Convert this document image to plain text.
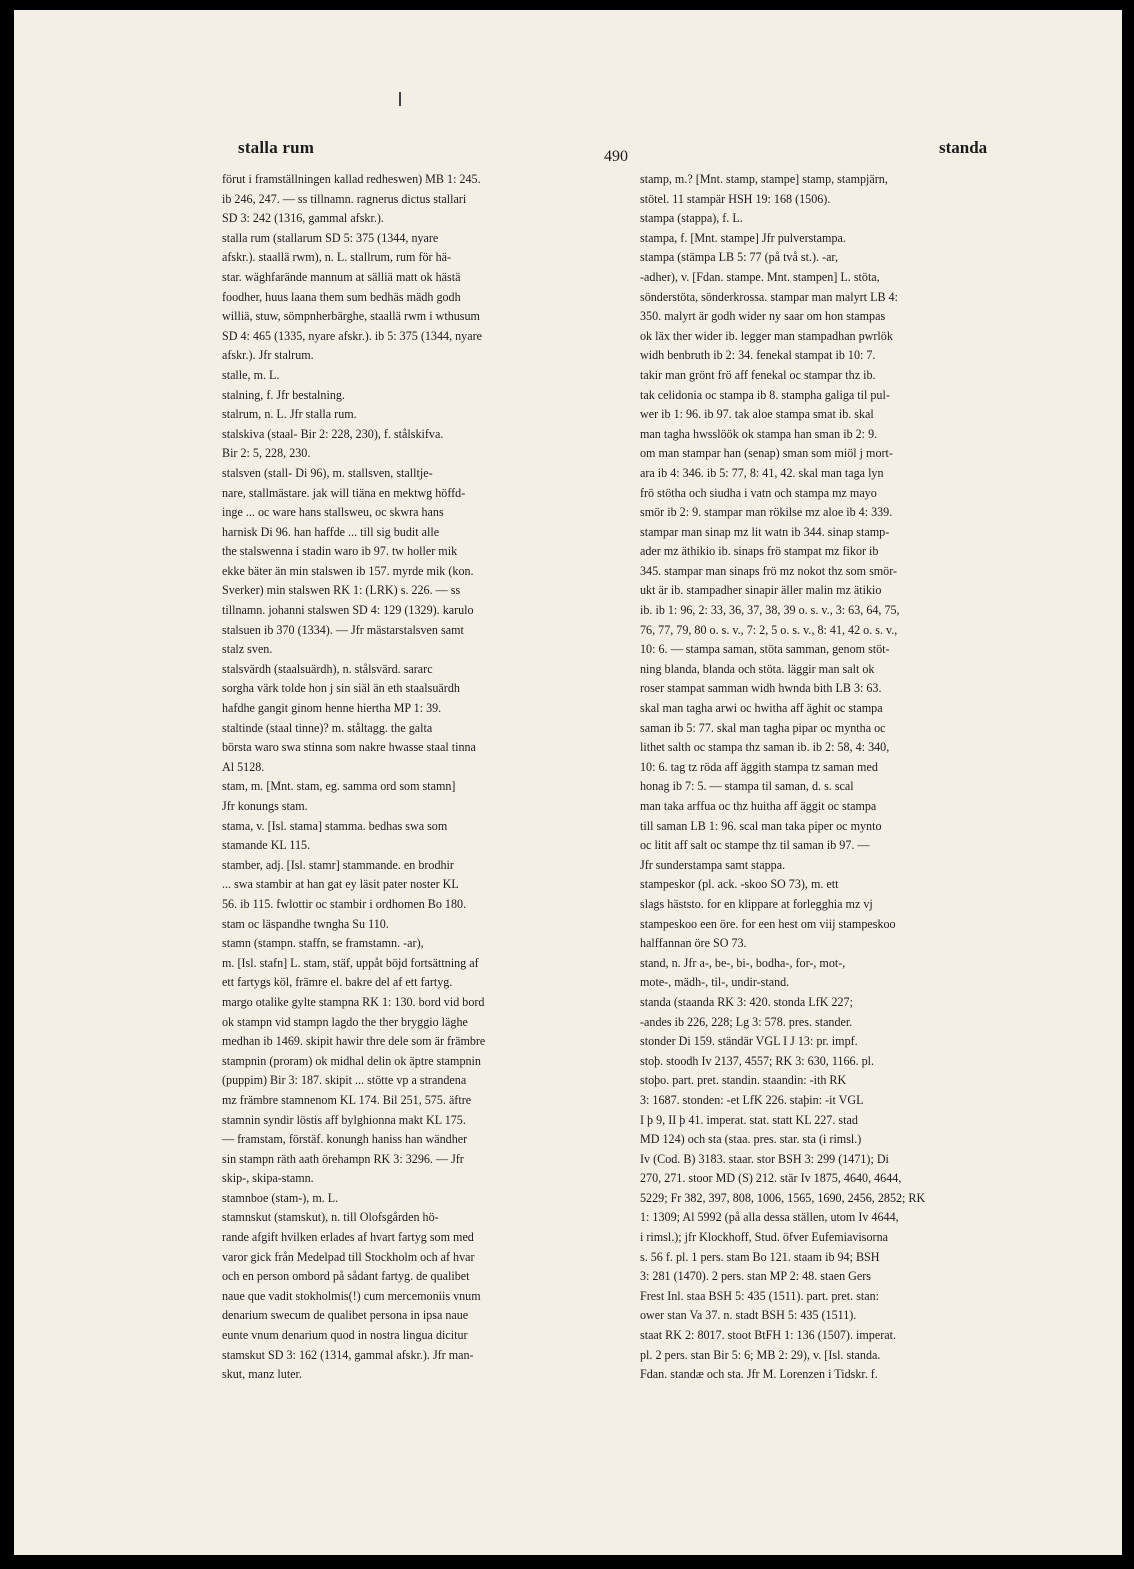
stalla rum	490	standa
förut i framställningen kallad redheswen) MB 1: 245.
ib 246, 247. — ss tillnamn. ragnerus dictus stallari
SD 3: 242 (1316, gammal afskr.).
stalla rum (stallarum SD 5: 375 (1344, nyare
afskr.). staallä rwm), n. L. stallrum, rum för hä-
star. wäghfarände mannum at sälliä matt ok hästä
foodher, huus laana them sum bedhäs mädh godh
williä, stuw, sömpnherbärghe, staallä rwm i wthusum
SD 4: 465 (1335, nyare afskr.). ib 5: 375 (1344, nyare
afskr.). Jfr stalrum.
stalle, m. L.
stalning, f. Jfr bestalning.
stalrum, n. L. Jfr stalla rum.
stalskiva (staal- Bir 2: 228, 230), f. stålskifva.
Bir 2: 5, 228, 230.
stalsven (stall- Di 96), m. stallsven, stalltje-
nare, stallmästare. jak will tiäna en mektwg höffd-
inge ... oc ware hans stallsweu, oc skwra hans
harnisk Di 96. han haffde ... till sig budit alle
the stalswenna i stadin waro ib 97. tw holler mik
ekke bäter än min stalswen ib 157. myrde mik (kon.
Sverker) min stalswen RK 1: (LRK) s. 226. — ss
tillnamn. johanni stalswen SD 4: 129 (1329). karulo
stalsuen ib 370 (1334). — Jfr mästarstalsven samt
stalz sven.
stalsvärdh (staalsuärdh), n. stålsvärd. sararc
sorgha värk tolde hon j sin siäl än eth staalsuärdh
hafdhe gangit ginom henne hiertha MP 1: 39.
staltinde (staal tinne)? m. ståltagg. the galta
börsta waro swa stinna som nakre hwasse staal tinna
Al 5128.
stam, m. [Mnt. stam, eg. samma ord som stamn]
Jfr konungs stam.
stama, v. [Isl. stama] stamma. bedhas swa som
stamande KL 115.
stamber, adj. [Isl. stamr] stammande. en brodhir
... swa stambir at han gat ey läsit pater noster KL
56. ib 115. fwlottir oc stambir i ordhomen Bo 180.
stam oc läspandhe twngha Su 110.
stamn (stampn. staffn, se framstamn. -ar),
m. [Isl. stafn] L. stam, stäf, uppåt böjd fortsättning af
ett fartygs köl, främre el. bakre del af ett fartyg.
margo otalike gylte stampna RK 1: 130. bord vid bord
ok stampn vid stampn lagdo the ther bryggio läghe
medhan ib 1469. skipit hawir thre dele som är främbre
stampnin (proram) ok midhal delin ok äptre stampnin
(puppim) Bir 3: 187. skipit ... stötte vp a strandena
mz främbre stamnenom KL 174. Bil 251, 575. äftre
stamnin syndir löstis aff bylghionna makt KL 175.
— framstam, förstäf. konungh haniss han wändher
sin stampn räth aath örehampn RK 3: 3296. — Jfr
skip-, skipa-stamn.
stamnboe (stam-), m. L.
stamnskut (stamskut), n. till Olofsgården hö-
rande afgift hvilken erlades af hvart fartyg som med
varor gick från Medelpad till Stockholm och af hvar
och en person ombord på sådant fartyg. de qualibet
naue que vadit stokholmis(!) cum mercemoniis vnum
denarium swecum de qualibet persona in ipsa naue
eunte vnum denarium quod in nostra lingua dicitur
stamskut SD 3: 162 (1314, gammal afskr.). Jfr man-
skut, manz luter.
stamp, m.? [Mnt. stamp, stampe] stamp, stampjärn,
stötel. 11 stampär HSH 19: 168 (1506).
stampa (stappa), f. L.
stampa, f. [Mnt. stampe] Jfr pulverstampa.
stampa (stämpa LB 5: 77 (på två st.). -ar,
-adher), v. [Fdan. stampe. Mnt. stampen] L. stöta,
sönderstöta, sönderkrossa. stampar man malyrt LB 4:
350. malyrt är godh wider ny saar om hon stampas
ok läx ther wider ib. legger man stampadhan pwrlök
widh benbruth ib 2: 34. fenekal stampat ib 10: 7.
takir man grönt frö aff fenekal oc stampar thz ib.
tak celidonia oc stampa ib 8. stampha galiga til pul-
wer ib 1: 96. ib 97. tak aloe stampa smat ib. skal
man tagha hwsslöök ok stampa han sman ib 2: 9.
om man stampar han (senap) sman som miöl j mort-
ara ib 4: 346. ib 5: 77, 8: 41, 42. skal man taga lyn
frö stötha och siudha i vatn och stampa mz mayo
smör ib 2: 9. stampar man rökilse mz aloe ib 4: 339.
stampar man sinap mz lit watn ib 344. sinap stamp-
ader mz äthikio ib. sinaps frö stampat mz fikor ib
345. stampar man sinaps frö mz nokot thz som smör-
ukt är ib. stampadher sinapir äller malin mz ätikio
ib. ib 1: 96, 2: 33, 36, 37, 38, 39 o. s. v., 3: 63, 64, 75,
76, 77, 79, 80 o. s. v., 7: 2, 5 o. s. v., 8: 41, 42 o. s. v.,
10: 6. — stampa saman, stöta samman, genom stöt-
ning blanda, blanda och stöta. läggir man salt ok
roser stampat samman widh hwnda bith LB 3: 63.
skal man tagha arwi oc hwitha aff äghit oc stampa
saman ib 5: 77. skal man tagha pipar oc myntha oc
lithet salth oc stampa thz saman ib. ib 2: 58, 4: 340,
10: 6. tag tz röda aff äggith stampa tz saman med
honag ib 7: 5. — stampa til saman, d. s. scal
man taka arffua oc thz huitha aff äggit oc stampa
till saman LB 1: 96. scal man taka piper oc mynto
oc litit aff salt oc stampe thz til saman ib 97. —
Jfr sunderstampa samt stappa.
stampeskor (pl. ack. -skoo SO 73), m. ett
slags häststo. for en klippare at forlegghia mz vj
stampeskoo een öre. for een hest om viij stampeskoo
halffannan öre SO 73.
stand, n. Jfr a-, be-, bi-, bodha-, for-, mot-,
mote-, mädh-, til-, undir-stand.
standa (staanda RK 3: 420. stonda LfK 227;
-andes ib 226, 228; Lg 3: 578. pres. stander.
stonder Di 159. ständär VGL I J 13: pr. impf.
stoþ. stoodh Iv 2137, 4557; RK 3: 630, 1166. pl.
stoþo. part. pret. standin. staandin: -ith RK
3: 1687. stonden: -et LfK 226. staþin: -it VGL
I þ 9, II þ 41. imperat. stat. statt KL 227. stad
MD 124) och sta (staa. pres. star. sta (i rimsl.)
Iv (Cod. B) 3183. staar. stor BSH 3: 299 (1471); Di
270, 271. stoor MD (S) 212. stär Iv 1875, 4640, 4644,
5229; Fr 382, 397, 808, 1006, 1565, 1690, 2456, 2852; RK
1: 1309; Al 5992 (på alla dessa ställen, utom Iv 4644,
i rimsl.); jfr Klockhoff, Stud. öfver Eufemiavisorna
s. 56 f. pl. 1 pers. stam Bo 121. staam ib 94; BSH
3: 281 (1470). 2 pers. stan MP 2: 48. staen Gers
Frest Inl. staa BSH 5: 435 (1511). part. pret. stan:
ower stan Va 37. n. stadt BSH 5: 435 (1511).
staat RK 2: 8017. stoot BtFH 1: 136 (1507). imperat.
pl. 2 pers. stan Bir 5: 6; MB 2: 29), v. [Isl. standa.
Fdan. standæ och sta. Jfr M. Lorenzen i Tidskr. f.
